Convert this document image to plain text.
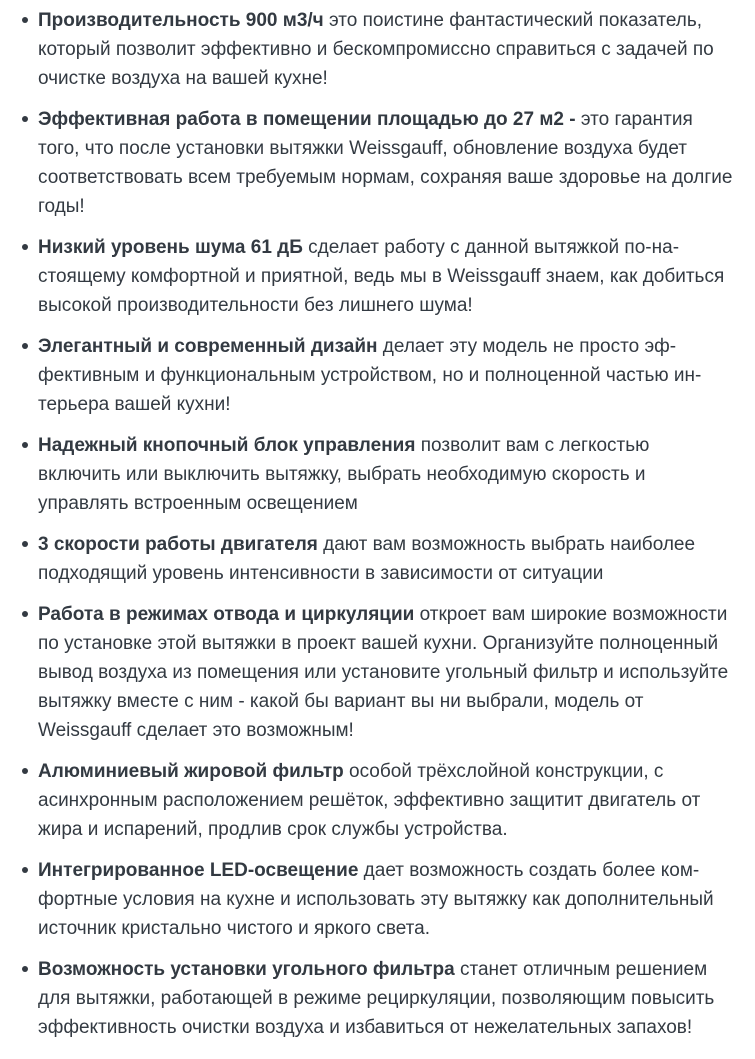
Производительность 900 м3/ч это поистине фантастический показатель, который позволит эффективно и бескомпромиссно справиться с задачей по очистке воздуха на вашей кухне!
Эффективная работа в помещении площадью до 27 м2 - это гарантия того, что после установки вытяжки Weissgauff, обновление воздуха будет соответствовать всем требуемым нормам, сохраняя ваше здоровье на долгие годы!
Низкий уровень шума 61 дБ сделает работу с данной вытяжкой по-настоящему комфортной и приятной, ведь мы в Weissgauff знаем, как добиться высокой производительности без лишнего шума!
Элегантный и современный дизайн делает эту модель не просто эффективным и функциональным устройством, но и полноценной частью интерьера вашей кухни!
Надежный кнопочный блок управления позволит вам с легкостью включить или выключить вытяжку, выбрать необходимую скорость и управлять встроенным освещением
3 скорости работы двигателя дают вам возможность выбрать наиболее подходящий уровень интенсивности в зависимости от ситуации
Работа в режимах отвода и циркуляции откроет вам широкие возможности по установке этой вытяжки в проект вашей кухни. Организуйте полноценный вывод воздуха из помещения или установите угольный фильтр и используйте вытяжку вместе с ним - какой бы вариант вы ни выбрали, модель от Weissgauff сделает это возможным!
Алюминиевый жировой фильтр особой трёхслойной конструкции, с асинхронным расположением решёток, эффективно защитит двигатель от жира и испарений, продлив срок службы устройства.
Интегрированное LED-освещение дает возможность создать более комфортные условия на кухне и использовать эту вытяжку как дополнительный источник кристально чистого и яркого света.
Возможность установки угольного фильтра станет отличным решением для вытяжки, работающей в режиме рециркуляции, позволяющим повысить эффективность очистки воздуха и избавиться от нежелательных запахов!
